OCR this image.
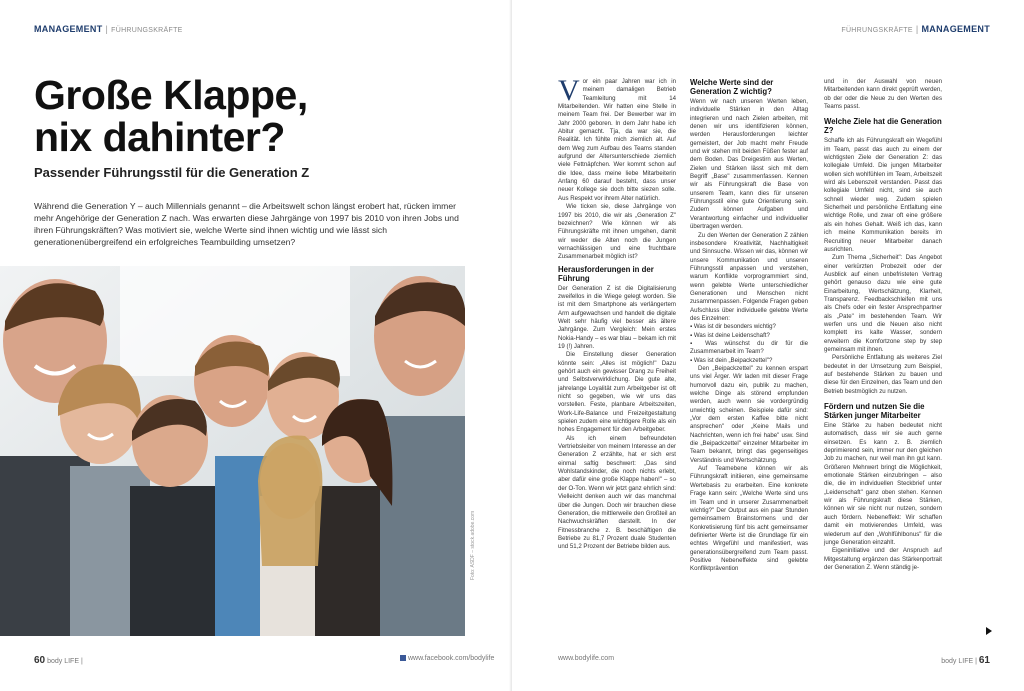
MANAGEMENT | FÜHRUNGSKRÄFTE
Große Klappe,
nix dahinter?
Passender Führungsstil für die Generation Z
Während die Generation Y – auch Millennials genannt – die Arbeitswelt schon längst erobert hat, rücken immer mehr Angehörige der Generation Z nach. Was erwarten diese Jahrgänge von 1997 bis 2010 von ihren Jobs und ihren Führungskräften? Was motiviert sie, welche Werte sind ihnen wichtig und wie lässt sich generationenübergreifend ein erfolgreiches Teambuilding umsetzen?
Foto: ASDF – stock.adobe.com
60 body LIFE |	www.facebook.com/bodylife
FÜHRUNGSKRÄFTE | MANAGEMENT

Vor ein paar Jahren war ich in meinem damaligen Betrieb Teamleitung mit 14 Mitarbeitenden. Wir hatten eine Stelle in meinem Team frei. Der Bewerber war im Jahr 2000 geboren. In dem Jahr habe ich Abitur gemacht. Tja, da war sie, die Realität. Ich fühlte mich ziemlich alt. Auf dem Weg zum Aufbau des Teams standen aufgrund der Altersunterschiede ziemlich viele Fettnäpfchen. Wer kommt schon auf die Idee, dass meine liebe Mitarbeiterin Anfang 60 darauf besteht, dass unser neuer Kollege sie doch bitte siezen solle. Aus Respekt vor ihrem Alter natürlich.

Wie ticken sie, diese Jahrgänge von 1997 bis 2010, die wir als „Generation Z" bezeichnen? Wie können wir als Führungskräfte mit ihnen umgehen, damit wir weder die Alten noch die Jungen vernachlässigen und eine fruchtbare Zusammenarbeit möglich ist?

Herausforderungen in der Führung

Der Generation Z ist die Digitalisierung zweifellos in die Wiege gelegt worden. Sie ist mit dem Smartphone als verlängertem Arm aufgewachsen und handelt die digitale Welt sehr häufig viel besser als ältere Jahrgänge. Zum Vergleich: Mein erstes Nokia-Handy – es war blau – bekam ich mit 19 (!) Jahren.

Die Einstellung dieser Generation könnte sein: „Alles ist möglich!" Dazu gehört auch ein gewisser Drang zu Freiheit und Selbstverwirklichung. Die gute alte, jahrelange Loyalität zum Arbeitgeber ist oft nicht so gegeben, wie wir uns das vorstellen. Feste, planbare Arbeitszeiten, Work-Life-Balance und Freizeitgestaltung spielen zudem eine wichtigere Rolle als ein hohes Engagement für den Arbeitgeber.

Als ich einem befreundeten Vertriebsleiter von meinem Interesse an der Generation Z erzählte, hat er sich erst einmal saftig beschwert: „Das sind Wohlstandskinder, die noch nichts erlebt, aber dafür eine große Klappe haben!" – so der O-Ton. Wenn wir jetzt ganz ehrlich sind: Vielleicht denken auch wir das manchmal über die Jungen. Doch wir brauchen diese Generation, die mittlerweile den Großteil an Nachwuchskräften darstellt. In der Fitnessbranche z. B. beschäftigen die Betriebe zu 81,7 Prozent duale Studenten und 51,2 Prozent der Betriebe bilden aus.

Welche Werte sind der Generation Z wichtig?

Wenn wir nach unseren Werten leben, individuelle Stärken in den Alltag integrieren und nach Zielen arbeiten, mit denen wir uns identifizieren können, werden Herausforderungen leichter gemeistert, der Job macht mehr Freude und wir stehen mit beiden Füßen fester auf dem Boden. Das Dreigestirn aus Werten, Zielen und Stärken lässt sich mit dem Begriff „Base" zusammenfassen. Kennen wir als Führungskraft die Base von unserem Team, kann dies für unseren Führungsstil eine gute Orientierung sein. Zudem können Aufgaben und Verantwortung einfacher und individueller übertragen werden.

Zu den Werten der Generation Z zählen insbesondere Kreativität, Nachhaltigkeit und Sinnsuche. Wissen wir das, können wir unsere Kommunikation und unseren Führungsstil anpassen und verstehen, warum Konflikte vorprogrammiert sind, wenn gelebte Werte unterschiedlicher Generationen und Menschen nicht zusammenpassen. Folgende Fragen geben Aufschluss über individuelle gelebte Werte des Einzelnen:

▪ Was ist dir besonders wichtig?

▪ Was ist deine Leidenschaft?

▪ Was wünschst du dir für die Zusammenarbeit im Team?

▪ Was ist dein „Beipackzettel"?

Den „Beipackzettel" zu kennen erspart uns viel Ärger. Wir laden mit dieser Frage humorvoll dazu ein, publik zu machen, welche Dinge als störend empfunden werden, auch wenn sie vordergründig unwichtig scheinen. Beispiele dafür sind: „Vor dem ersten Kaffee bitte nicht ansprechen" oder „Keine Mails und Nachrichten, wenn ich frei habe" usw. Sind die „Beipackzettel" einzelner Mitarbeiter im Team bekannt, bringt das gegenseitiges Verständnis und Wertschätzung.

Auf Teamebene können wir als Führungskraft initiieren, eine gemeinsame Wertebasis zu erarbeiten. Eine konkrete Frage kann sein: „Welche Werte sind uns im Team und in unserer Zusammenarbeit wichtig?" Der Output aus ein paar Stunden gemeinsamem Brainstormens und der Konkretisierung fünf bis acht gemeinsamer definierter Werte ist die Grundlage für ein echtes Wirgefühl und manifestiert, was generationsübergreifend zum Team passt. Positive Nebeneffekte sind gelebte Konfliktprävention

und in der Auswahl von neuen Mitarbeitenden kann direkt geprüft werden, ob der oder die Neue zu den Werten des Teams passt.

Welche Ziele hat die Generation Z?

Schaffe ich als Führungskraft ein Wegefühl im Team, passt das auch zu einem der wichtigsten Ziele der Generation Z: das kollegiale Umfeld. Die jungen Mitarbeiter wollen sich wohlfühlen im Team, Arbeitszeit wird als Lebenszeit verstanden. Passt das kollegiale Umfeld nicht, sind sie auch schnell wieder weg. Zudem spielen Sicherheit und persönliche Entfaltung eine wichtige Rolle, und zwar oft eine größere als ein hohes Gehalt. Weiß ich das, kann ich meine Kommunikation bereits im Recruiting neuer Mitarbeiter danach ausrichten.

Zum Thema „Sicherheit": Das Angebot einer verkürzten Probezeit oder der Ausblick auf einen unbefristeten Vertrag gehört genauso dazu wie eine gute Einarbeitung, Wertschätzung, Klarheit, Transparenz. Feedbackschleifen mit uns als Chefs oder ein fester Ansprechpartner als „Pate" im bestehenden Team. Wir werfen uns und die Neuen also nicht komplett ins kalte Wasser, sondern erweitern die Komfortzone step by step gemeinsam mit ihnen.

Persönliche Entfaltung als weiteres Ziel bedeutet in der Umsetzung zum Beispiel, auf bestehende Stärken zu bauen und diese für den Einzelnen, das Team und den Betrieb bestmöglich zu nutzen.

Fördern und nutzen Sie die Stärken junger Mitarbeiter

Eine Stärke zu haben bedeutet nicht automatisch, dass wir sie auch gerne einsetzen. Es kann z. B. ziemlich deprimierend sein, immer nur den gleichen Job zu machen, nur weil man ihn gut kann. Größeren Mehrwert bringt die Möglichkeit, emotionale Stärken einzubringen – also die, die im individuellen Steckbrief unter „Leidenschaft" ganz oben stehen. Kennen wir als Führungskraft diese Stärken, können wir sie nicht nur nutzen, sondern auch fördern. Nebeneffekt: Wir schaffen damit ein motivierendes Umfeld, was wiederum auf den „Wohlfühlbonus" für die junge Generation einzahlt.

Eigeninitiative und der Anspruch auf Mitgestaltung ergänzen das Stärkenportrait der Generation Z. Wenn ständig je-

www.bodylife.com	body LIFE | 61
